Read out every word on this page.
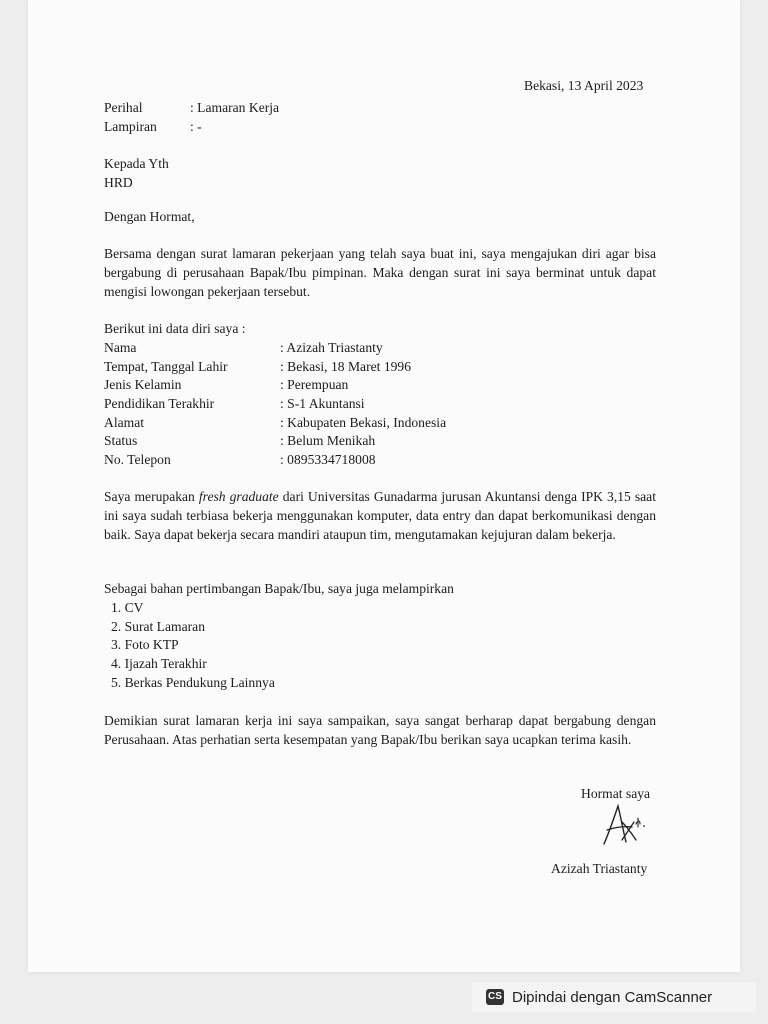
Bekasi, 13 April 2023
Perihal	: Lamaran Kerja
Lampiran : -
Kepada Yth
HRD
Dengan Hormat,
Bersama dengan surat lamaran pekerjaan yang telah saya buat ini, saya mengajukan diri agar bisa bergabung di perusahaan Bapak/Ibu pimpinan. Maka dengan surat ini saya berminat untuk dapat mengisi lowongan pekerjaan tersebut.
Berikut ini data diri saya :
Nama	: Azizah Triastanty
Tempat, Tanggal Lahir	: Bekasi, 18 Maret 1996
Jenis Kelamin	: Perempuan
Pendidikan Terakhir	: S-1 Akuntansi
Alamat	: Kabupaten Bekasi, Indonesia
Status	: Belum Menikah
No. Telepon	: 0895334718008
Saya merupakan fresh graduate dari Universitas Gunadarma jurusan Akuntansi denga IPK 3,15 saat ini saya sudah terbiasa bekerja menggunakan komputer, data entry dan dapat berkomunikasi dengan baik. Saya dapat bekerja secara mandiri ataupun tim, mengutamakan kejujuran dalam bekerja.
Sebagai bahan pertimbangan Bapak/Ibu, saya juga melampirkan
1. CV
2. Surat Lamaran
3. Foto KTP
4. Ijazah Terakhir
5. Berkas Pendukung Lainnya
Demikian surat lamaran kerja ini saya sampaikan, saya sangat berharap dapat bergabung dengan Perusahaan. Atas perhatian serta kesempatan yang Bapak/Ibu berikan saya ucapkan terima kasih.
Hormat saya
Azizah Triastanty
CS Dipindai dengan CamScanner
